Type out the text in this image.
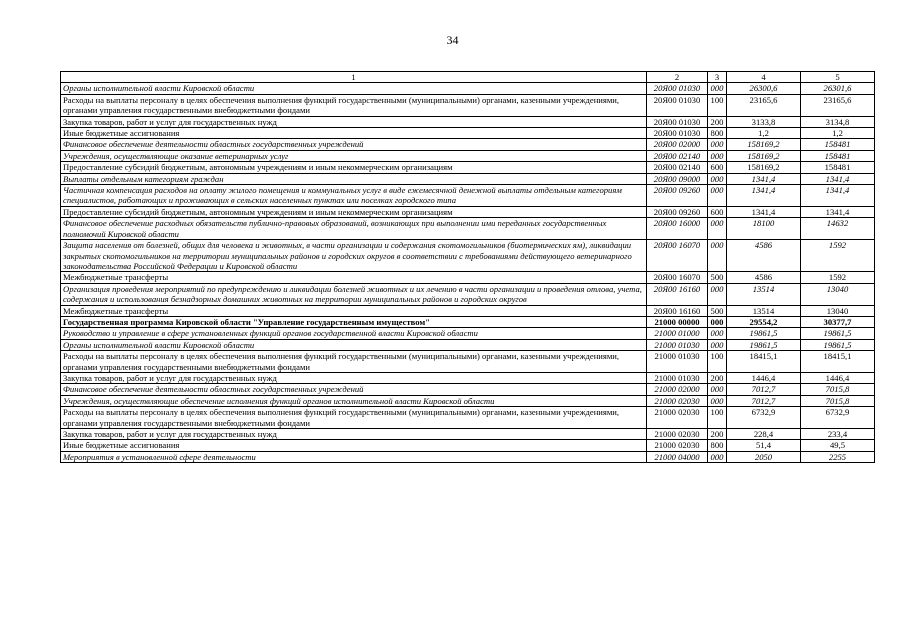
34
1	2	3	4	5
Органы исполнительной власти Кировской области	20Я00 01030	000	26300,6	26301,6
Расходы на выплаты персоналу в целях обеспечения выполнения функций государственными (муниципальными) органами, казенными учреждениями, органами управления государственными внебюджетными фондами	20Я00 01030	100	23165,6	23165,6
Закупка товаров, работ и услуг для государственных нужд	20Я00 01030	200	3133,8	3134,8
Иные бюджетные ассигнования	20Я00 01030	800	1,2	1,2
Финансовое обеспечение деятельности областных государственных учреждений	20Я00 02000	000	158169,2	158481
Учреждения, осуществляющие оказание ветеринарных услуг	20Я00 02140	000	158169,2	158481
Предоставление субсидий бюджетным, автономным учреждениям и иным некоммерческим организациям	20Я00 02140	600	158169,2	158481
Выплаты отдельным категориям граждан	20Я00 09000	000	1341,4	1341,4
Частичная компенсация расходов на оплату жилого помещения и коммунальных услуг в виде ежемесячной денежной выплаты отдельным категориям специалистов, работающих и проживающих в сельских населенных пунктах или поселках городского типа	20Я00 09260	000	1341,4	1341,4
Предоставление субсидий бюджетным, автономным учреждениям и иным некоммерческим организациям	20Я00 09260	600	1341,4	1341,4
Финансовое обеспечение расходных обязательств публично-правовых образований, возникающих при выполнении ими переданных государственных полномочий Кировской области	20Я00 16000	000	18100	14632
Защита населения от болезней, общих для человека и животных, в части организации и содержания скотомогильников (биотермических ям), ликвидации закрытых скотомогильников на территории муниципальных районов и городских округов в соответствии с требованиями действующего ветеринарного законодательства Российской Федерации и Кировской области	20Я00 16070	000	4586	1592
Межбюджетные трансферты	20Я00 16070	500	4586	1592
Организация проведения мероприятий по предупреждению и ликвидации болезней животных и их лечению в части организации и проведения отлова, учета, содержания и использования безнадзорных домашних животных на территории муниципальных районов и городских округов	20Я00 16160	000	13514	13040
Межбюджетные трансферты	20Я00 16160	500	13514	13040
Государственная программа Кировской области "Управление государственным имуществом"	21000 00000	000	29554,2	30377,7
Руководство и управление в сфере установленных функций органов государственной власти Кировской области	21000 01000	000	19861,5	19861,5
Органы исполнительной власти Кировской области	21000 01030	000	19861,5	19861,5
Расходы на выплаты персоналу в целях обеспечения выполнения функций государственными (муниципальными) органами, казенными учреждениями, органами управления государственными внебюджетными фондами	21000 01030	100	18415,1	18415,1
Закупка товаров, работ и услуг для государственных нужд	21000 01030	200	1446,4	1446,4
Финансовое обеспечение деятельности областных государственных учреждений	21000 02000	000	7012,7	7015,8
Учреждения, осуществляющие обеспечение исполнения функций органов исполнительной власти Кировской области	21000 02030	000	7012,7	7015,8
Расходы на выплаты персоналу в целях обеспечения выполнения функций государственными (муниципальными) органами, казенными учреждениями, органами управления государственными внебюджетными фондами	21000 02030	100	6732,9	6732,9
Закупка товаров, работ и услуг для государственных нужд	21000 02030	200	228,4	233,4
Иные бюджетные ассигнования	21000 02030	800	51,4	49,5
Мероприятия в установленной сфере деятельности	21000 04000	000	2050	2255
